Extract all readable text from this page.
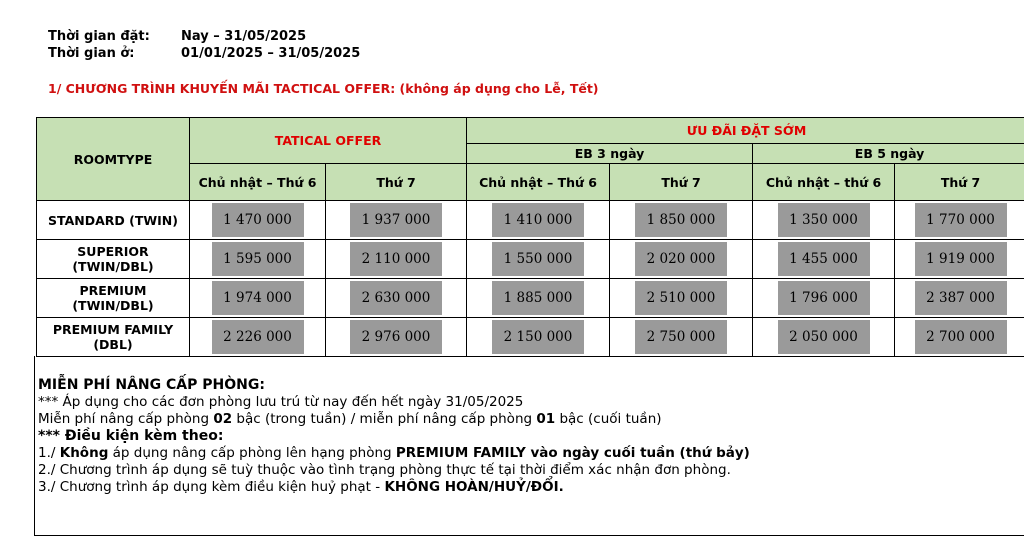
Thời gian đặt:	Nay – 31/05/2025
Thời gian ở:	01/01/2025 – 31/05/2025
1/ CHƯƠNG TRÌNH KHUYẾN MÃI TACTICAL OFFER: (không áp dụng cho Lễ, Tết)
ROOMTYPE	TATICAL OFFER		ƯU ĐÃI ĐẶT SỚM			
			EB 3 ngày		EB 5 ngày	
	Chủ nhật – Thứ 6	Thứ 7	Chủ nhật – Thứ 6	Thứ 7	Chủ nhật – thứ 6	Thứ 7
STANDARD (TWIN)	1 470 000	1 937 000	1 410 000	1 850 000	1 350 000	1 770 000

SUPERIOR (TWIN/DBL)	1 595 000	2 110 000	1 550 000	2 020 000	1 455 000	1 919 000

PREMIUM (TWIN/DBL)	1 974 000	2 630 000	1 885 000	2 510 000	1 796 000	2 387 000

PREMIUM FAMILY (DBL)	2 226 000	2 976 000	2 150 000	2 750 000	2 050 000	2 700 000
MIỄN PHÍ NÂNG CẤP PHÒNG:
*** Áp dụng cho các đơn phòng lưu trú từ nay đến hết ngày 31/05/2025
Miễn phí nâng cấp phòng 02 bậc (trong tuần) / miễn phí nâng cấp phòng 01 bậc (cuối tuần)
*** Điều kiện kèm theo:
1./ Không áp dụng nâng cấp phòng lên hạng phòng PREMIUM FAMILY vào ngày cuối tuần (thứ bảy)
2./ Chương trình áp dụng sẽ tuỳ thuộc vào tình trạng phòng thực tế tại thời điểm xác nhận đơn phòng.
3./ Chương trình áp dụng kèm điều kiện huỷ phạt - KHÔNG HOÀN/HUỶ/ĐỔI.
